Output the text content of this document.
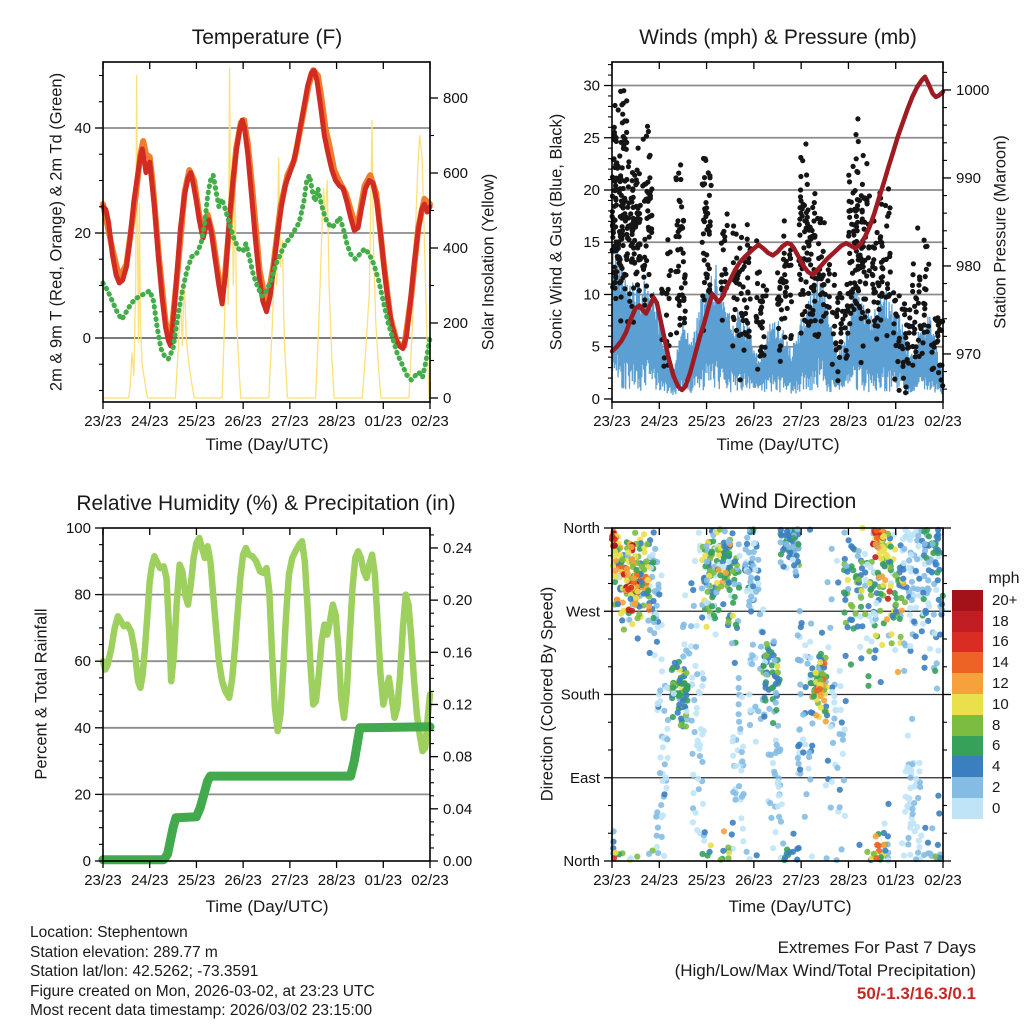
23/23 24/23 25/23 26/23 27/23 28/23 01/23 02/23
0
20
40
0
200
400
600
800
23/23 24/23 25/23 26/23 27/23 28/23 01/23 02/23
0
5
10
15
20
25
30
970
980
990
1000
23/23 24/23 25/23 26/23 27/23 28/23 01/23 02/23
0
20
40
60
80
100
0.00
0.04
0.08
0.12
0.16
0.20
0.24
23/23 24/23 25/23 26/23 27/23 28/23 01/23 02/23
North
West
South
East
North
Temperature (F)
2m & 9m T (Red, Orange) & 2m Td (Green)	Solar Insolation (Yellow)
Time (Day/UTC)
Winds (mph) & Pressure (mb)
Sonic Wind & Gust (Blue, Black)	Station Pressure (Maroon)
Time (Day/UTC)
Relative Humidity (%) & Precipitation (in)
Percent & Total Rainfall
Time (Day/UTC)
Wind Direction
Direction (Colored By Speed)
Time (Day/UTC)
mph
20+
18
16
14
12
10
8
6
4
2
0
Extremes For Past 7 Days
(High/Low/Max Wind/Total Precipitation)
50/-1.3/16.3/0.1
Location: Stephentown
Station elevation: 289.77 m
Station lat/lon: 42.5262; -73.3591
Figure created on Mon, 2026-03-02, at 23:23 UTC
Most recent data timestamp: 2026/03/02 23:15:00
